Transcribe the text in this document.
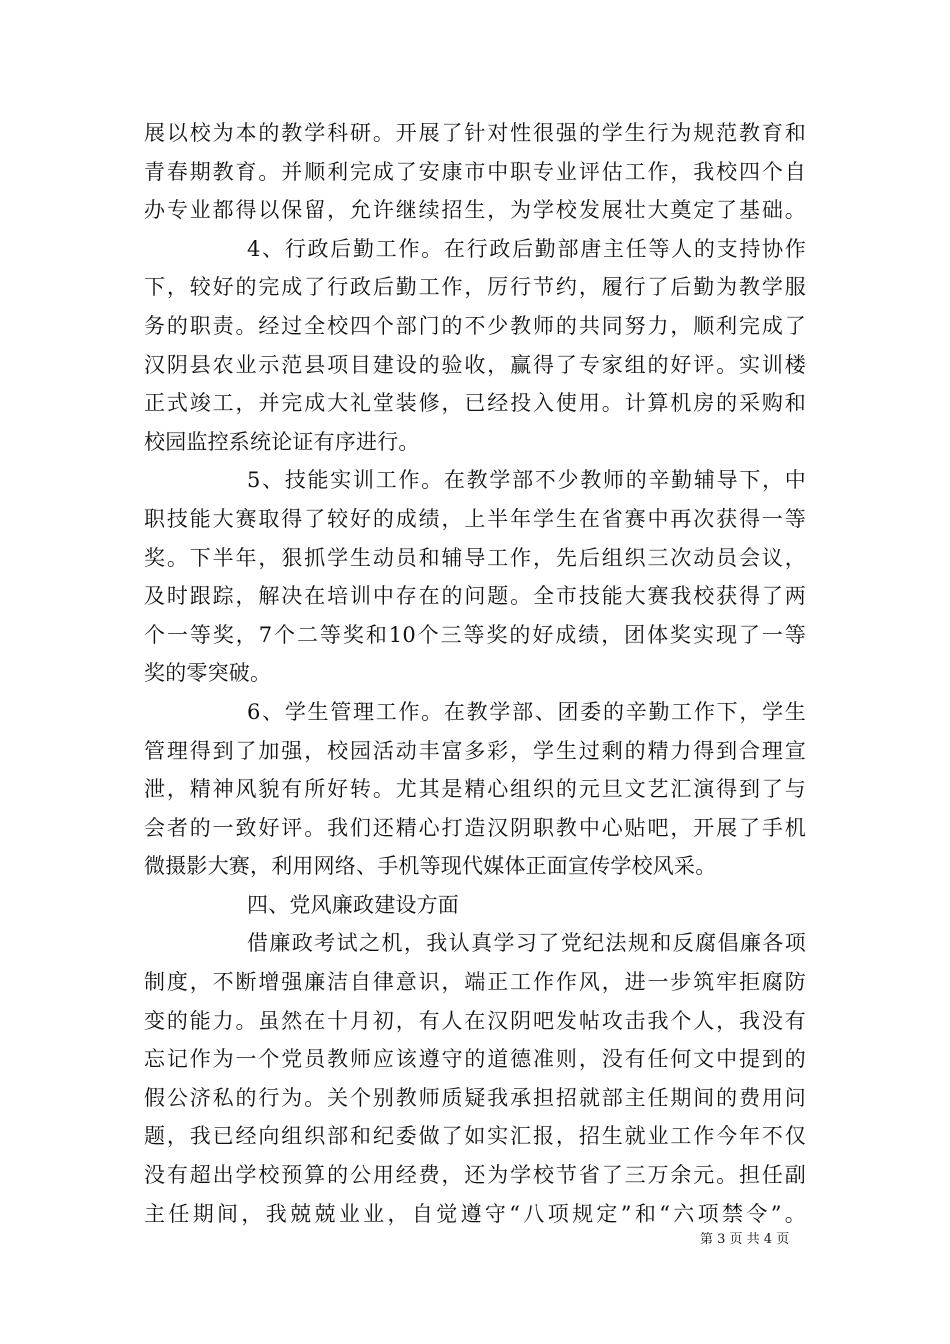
展以校为本的教学科研。开展了针对性很强的学生行为规范教育和
青春期教育。并顺利完成了安康市中职专业评估工作，我校四个自
办专业都得以保留，允许继续招生，为学校发展壮大奠定了基础。
4、行政后勤工作。在行政后勤部唐主任等人的支持协作
下，较好的完成了行政后勤工作，厉行节约，履行了后勤为教学服
务的职责。经过全校四个部门的不少教师的共同努力，顺利完成了
汉阴县农业示范县项目建设的验收，赢得了专家组的好评。实训楼
正式竣工，并完成大礼堂装修，已经投入使用。计算机房的采购和
校园监控系统论证有序进行。
5、技能实训工作。在教学部不少教师的辛勤辅导下，中
职技能大赛取得了较好的成绩，上半年学生在省赛中再次获得一等
奖。下半年，狠抓学生动员和辅导工作，先后组织三次动员会议，
及时跟踪，解决在培训中存在的问题。全市技能大赛我校获得了两
个一等奖，7个二等奖和10个三等奖的好成绩，团体奖实现了一等
奖的零突破。
6、学生管理工作。在教学部、团委的辛勤工作下，学生
管理得到了加强，校园活动丰富多彩，学生过剩的精力得到合理宣
泄，精神风貌有所好转。尤其是精心组织的元旦文艺汇演得到了与
会者的一致好评。我们还精心打造汉阴职教中心贴吧，开展了手机
微摄影大赛，利用网络、手机等现代媒体正面宣传学校风采。
四、党风廉政建设方面
借廉政考试之机，我认真学习了党纪法规和反腐倡廉各项
制度，不断增强廉洁自律意识，端正工作作风，进一步筑牢拒腐防
变的能力。虽然在十月初，有人在汉阴吧发帖攻击我个人，我没有
忘记作为一个党员教师应该遵守的道德准则，没有任何文中提到的
假公济私的行为。关个别教师质疑我承担招就部主任期间的费用问
题，我已经向组织部和纪委做了如实汇报，招生就业工作今年不仅
没有超出学校预算的公用经费，还为学校节省了三万余元。担任副
主任期间，我兢兢业业，自觉遵守“八项规定”和“六项禁令”。
第 3 页 共 4 页
